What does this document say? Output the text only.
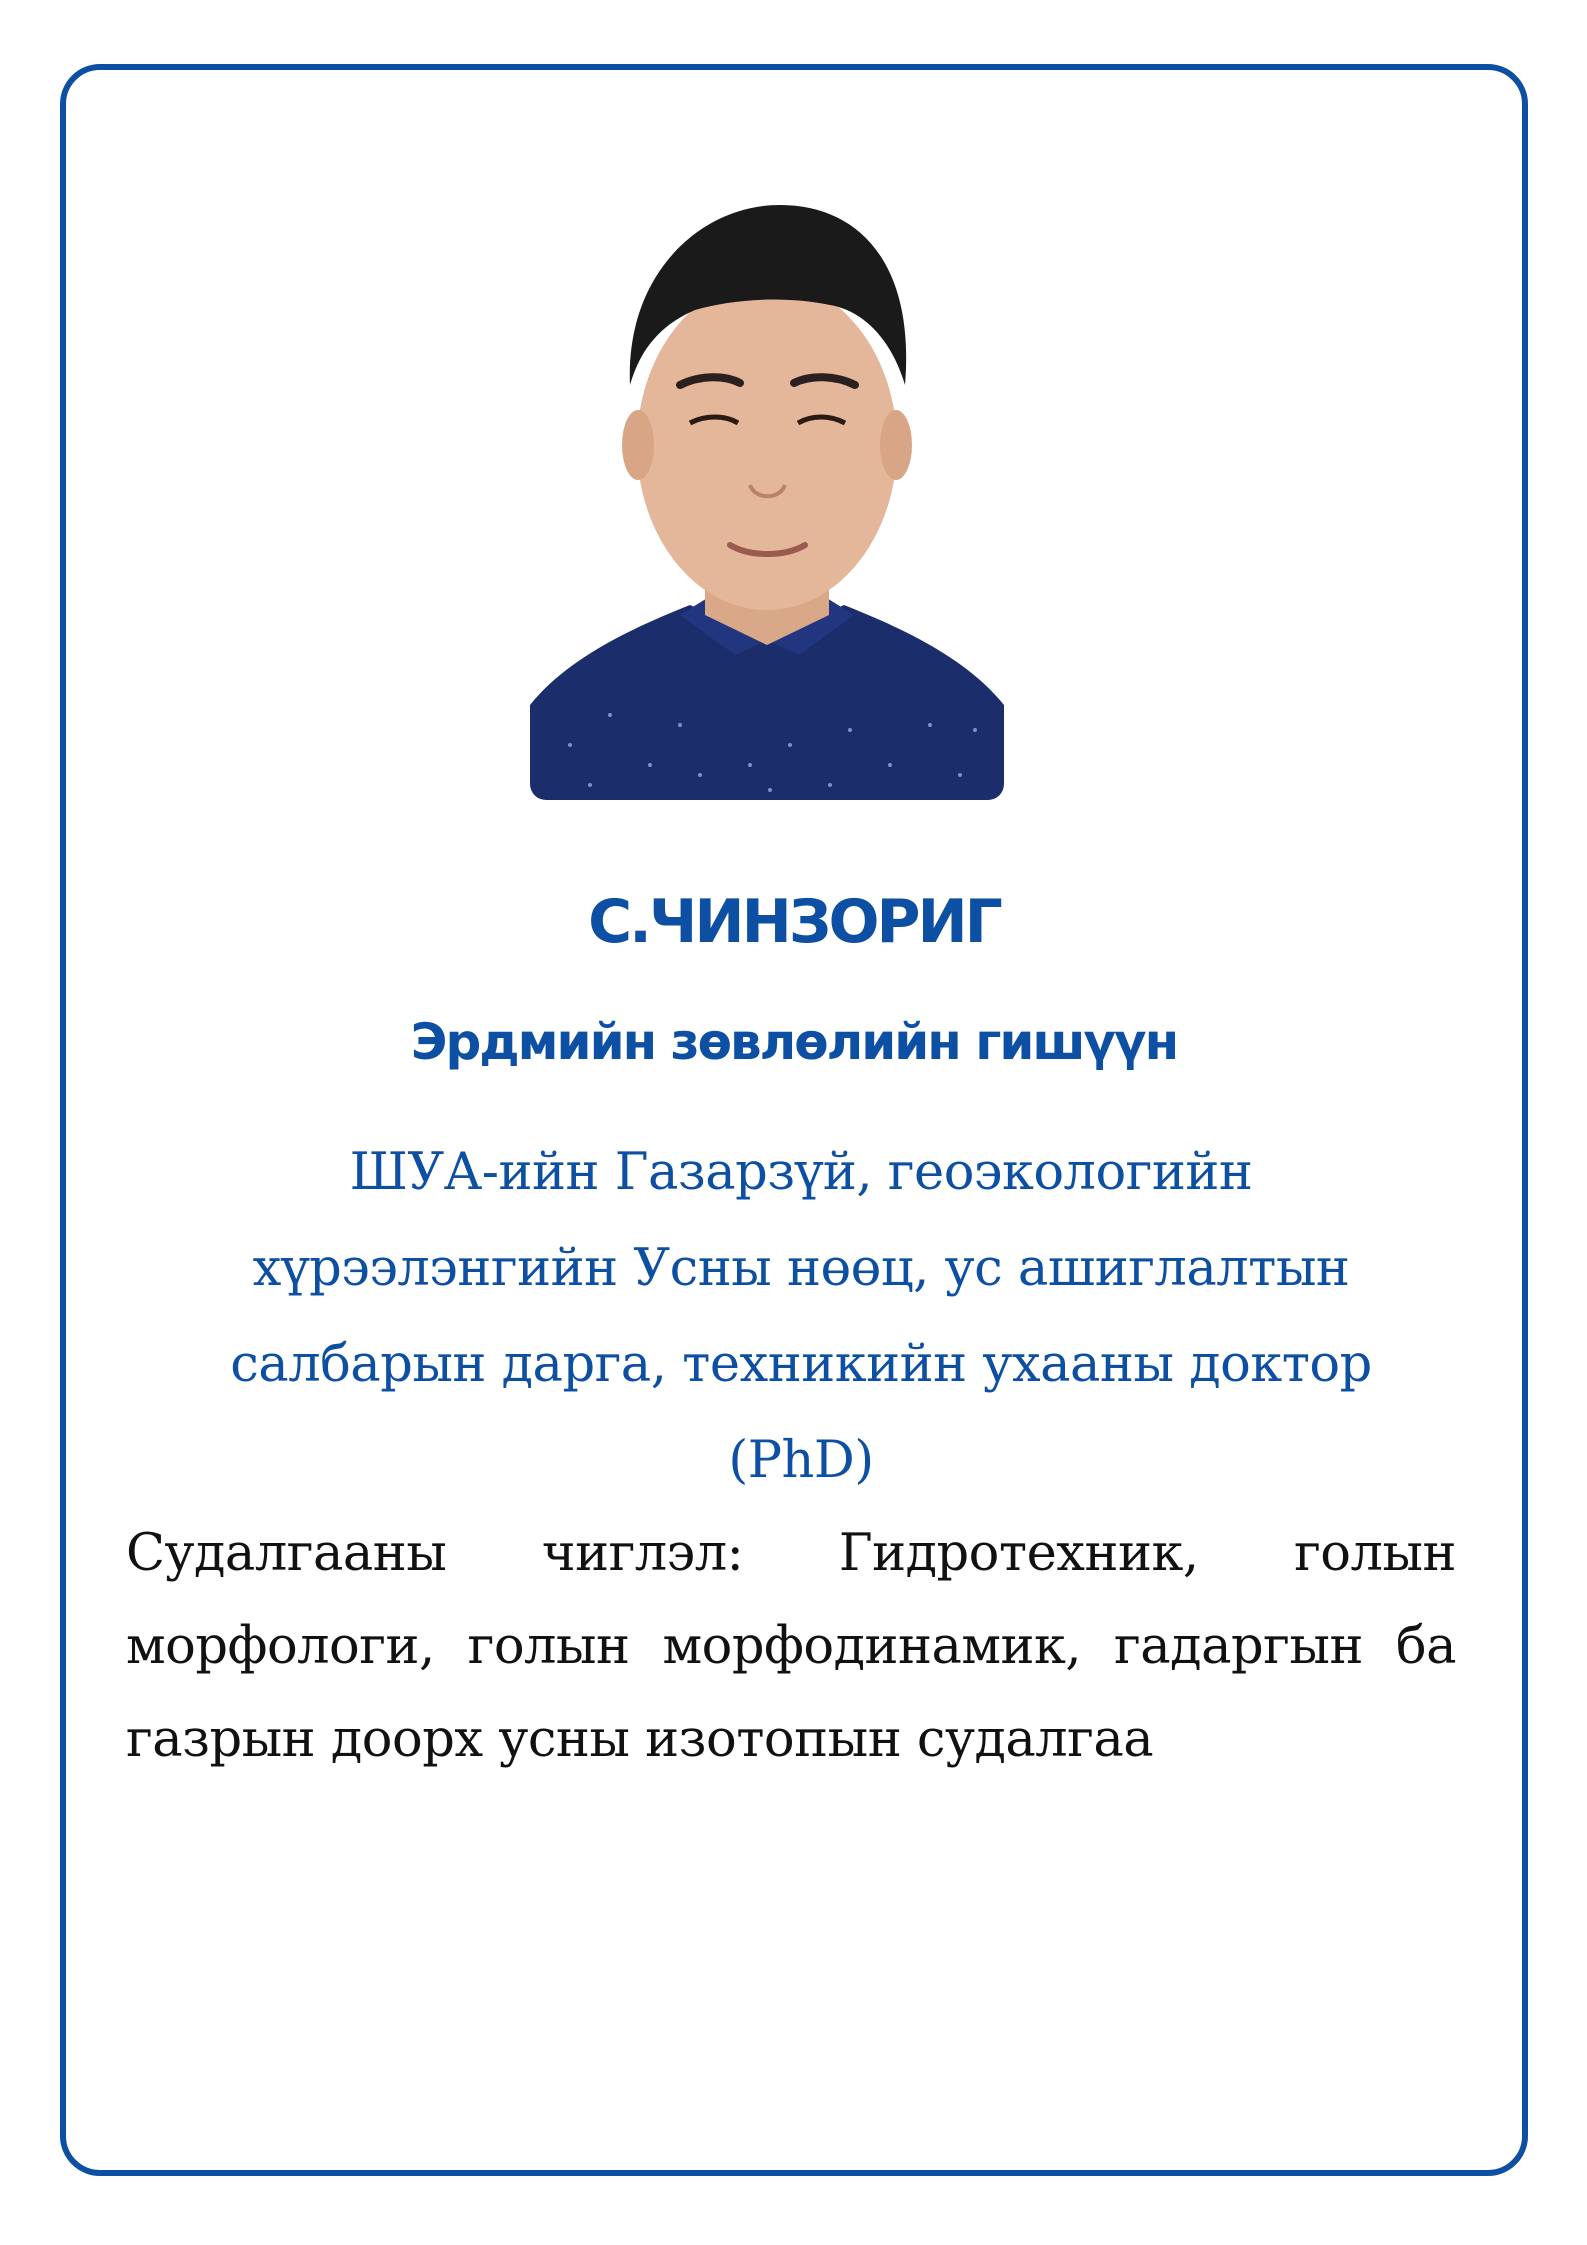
С.ЧИНЗОРИГ
Эрдмийн зөвлөлийн гишүүн
ШУА-ийн Газарзүй, геоэкологийн хүрээлэнгийн Усны нөөц, ус ашиглалтын салбарын дарга, техникийн ухааны доктор (PhD)
Судалгааны чиглэл: Гидротехник, голын морфологи, голын морфодинамик, гадаргын ба газрын доорх усны изотопын судалгаа
